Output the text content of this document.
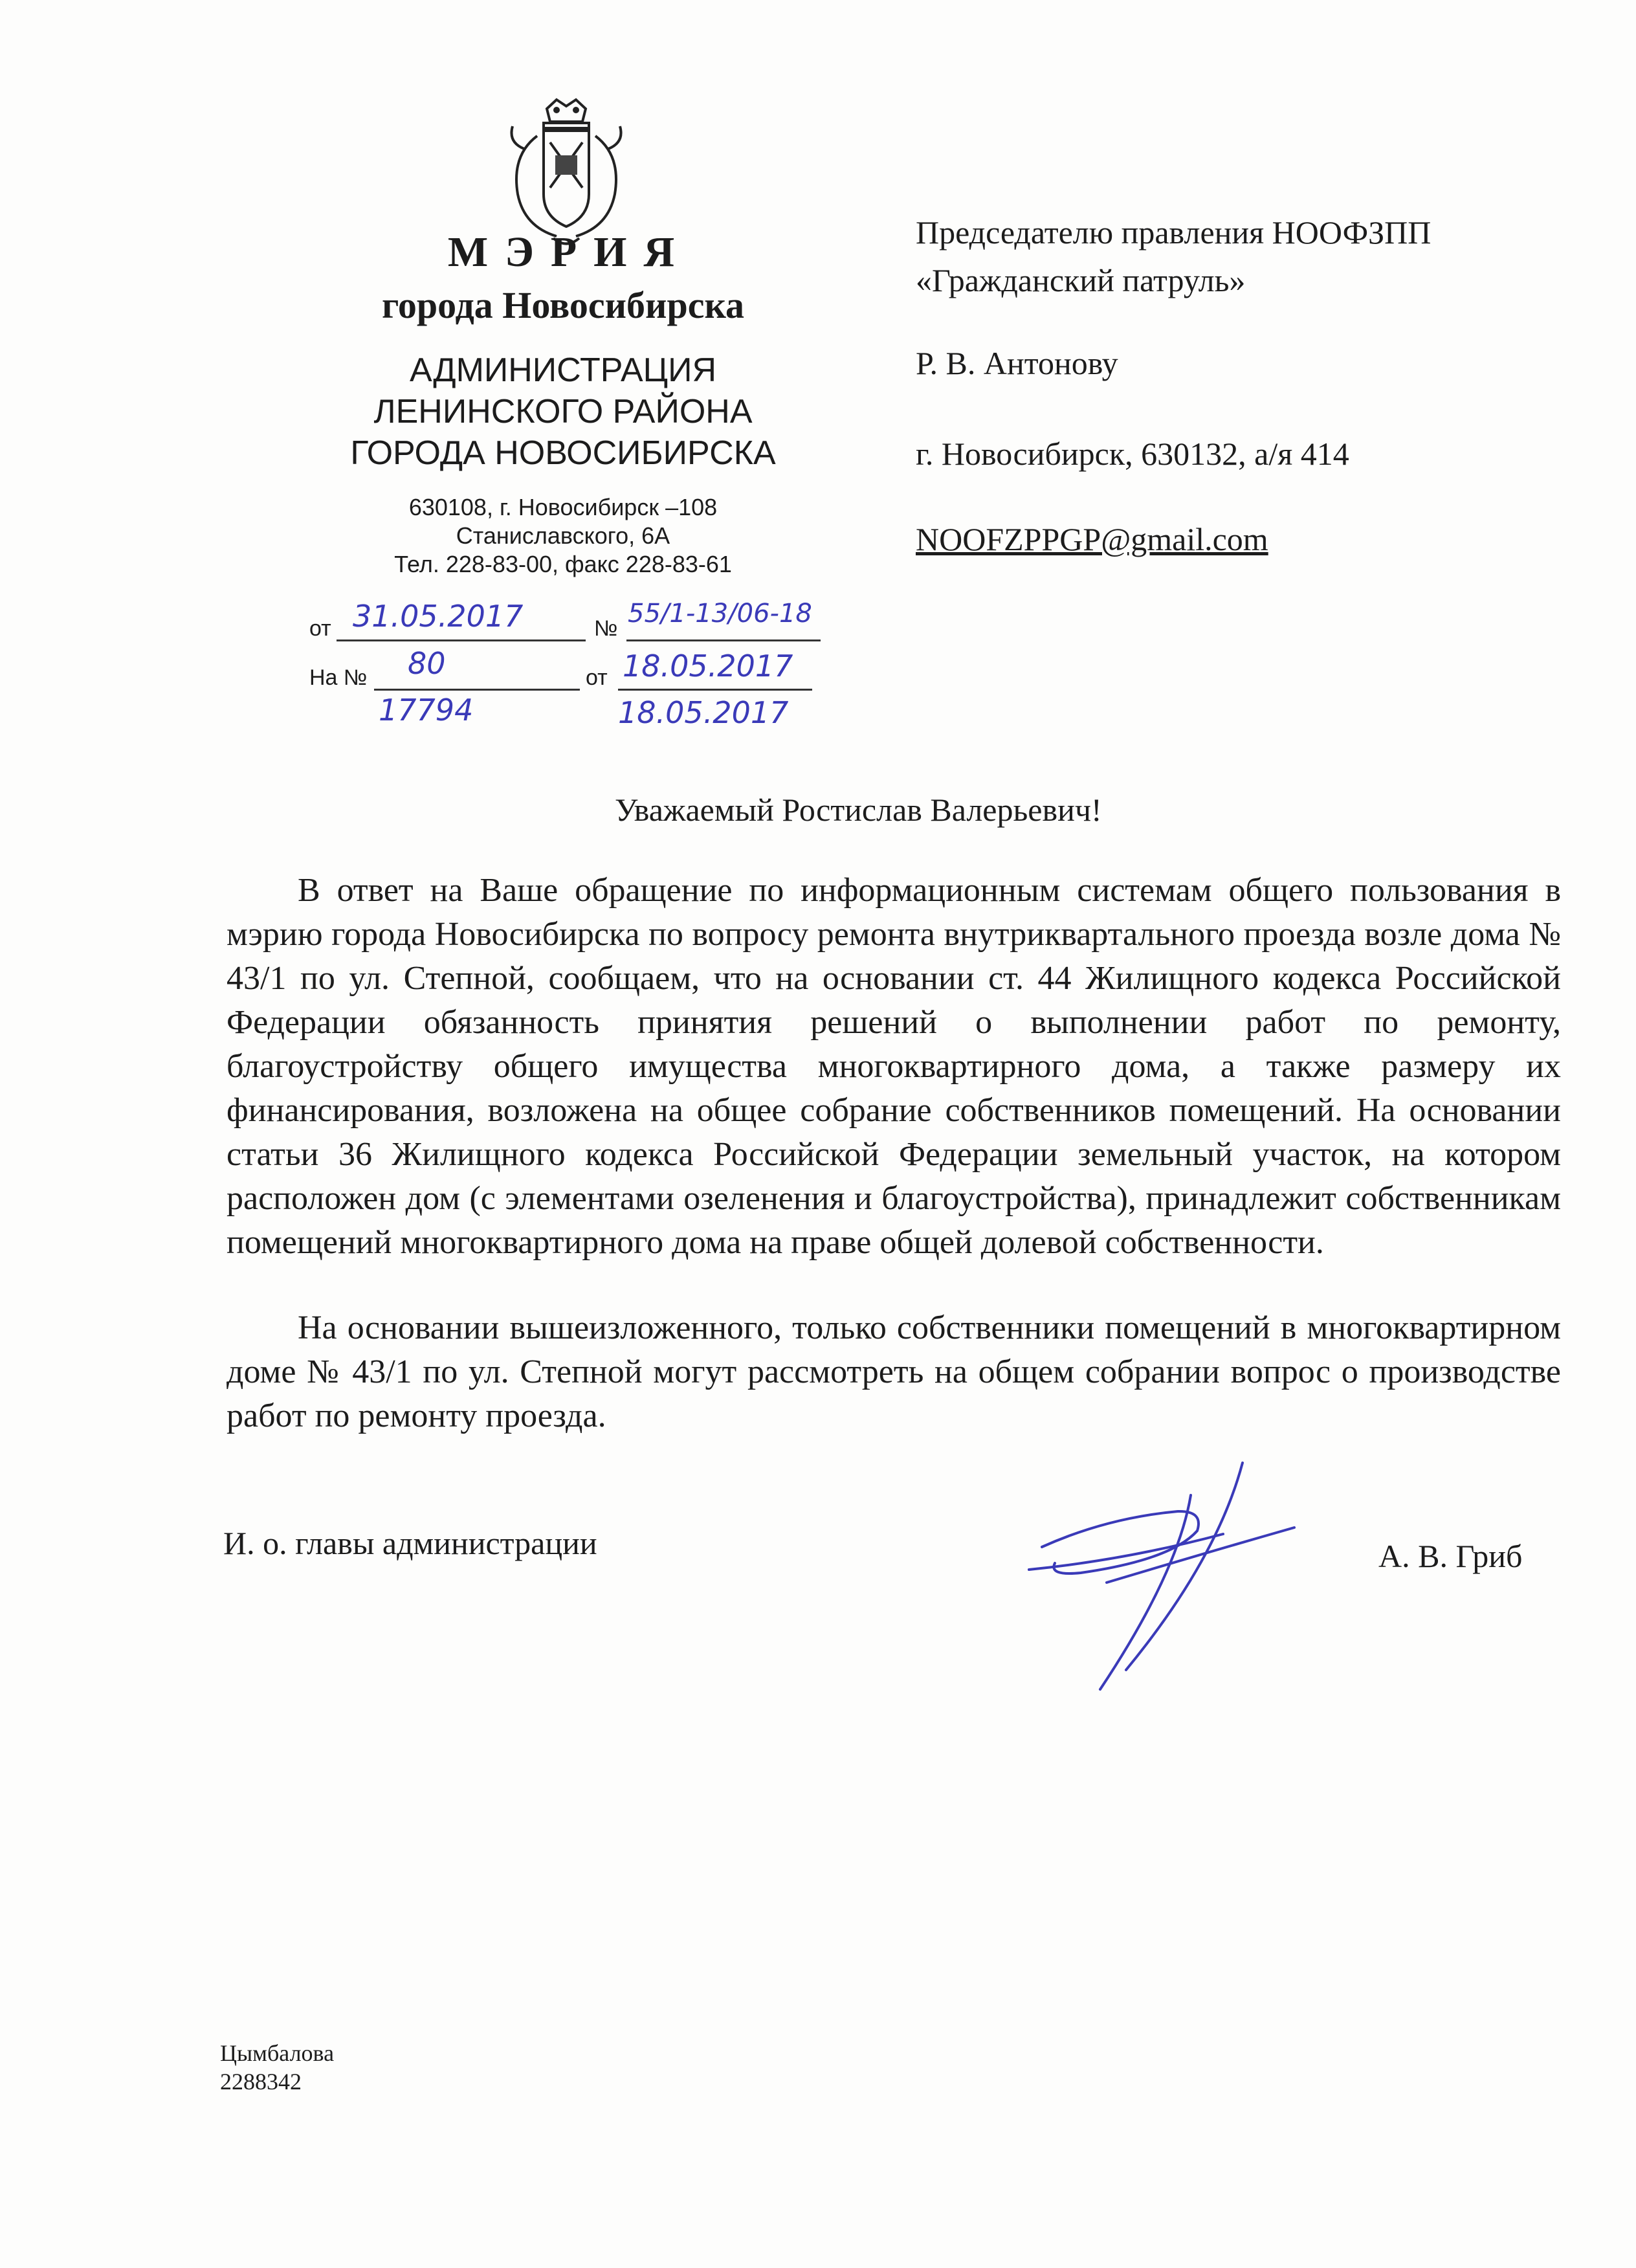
МЭРИЯ
города Новосибирска
АДМИНИСТРАЦИЯ
ЛЕНИНСКОГО РАЙОНА
ГОРОДА НОВОСИБИРСКА
630108, г. Новосибирск –108
Станиславского, 6А
Тел. 228-83-00, факс 228-83-61
от 31.05.2017	№ 55/1-13/06-18
На № 80	от 18.05.2017
17794	18.05.2017
Председателю правления НООФЗПП
«Гражданский патруль»
Р. В. Антонову
г. Новосибирск, 630132, а/я 414
NOOFZPPGP@gmail.com
Уважаемый Ростислав Валерьевич!
В ответ на Ваше обращение по информационным системам общего пользования в мэрию города Новосибирска по вопросу ремонта внутриквартального проезда возле дома № 43/1 по ул. Степной, сообщаем, что на основании ст. 44 Жилищного кодекса Российской Федерации обязанность принятия решений о выполнении работ по ремонту, благоустройству общего имущества многоквартирного дома, а также размеру их финансирования, возложена на общее собрание собственников помещений. На основании статьи 36 Жилищного кодекса Российской Федерации земельный участок, на котором расположен дом (с элементами озеленения и благоустройства), принадлежит собственникам помещений многоквартирного дома на праве общей долевой собственности.
На основании вышеизложенного, только собственники помещений в многоквартирном доме № 43/1 по ул. Степной могут рассмотреть на общем собрании вопрос о производстве работ по ремонту проезда.
И. о. главы администрации	А. В. Гриб
Цымбалова
2288342
